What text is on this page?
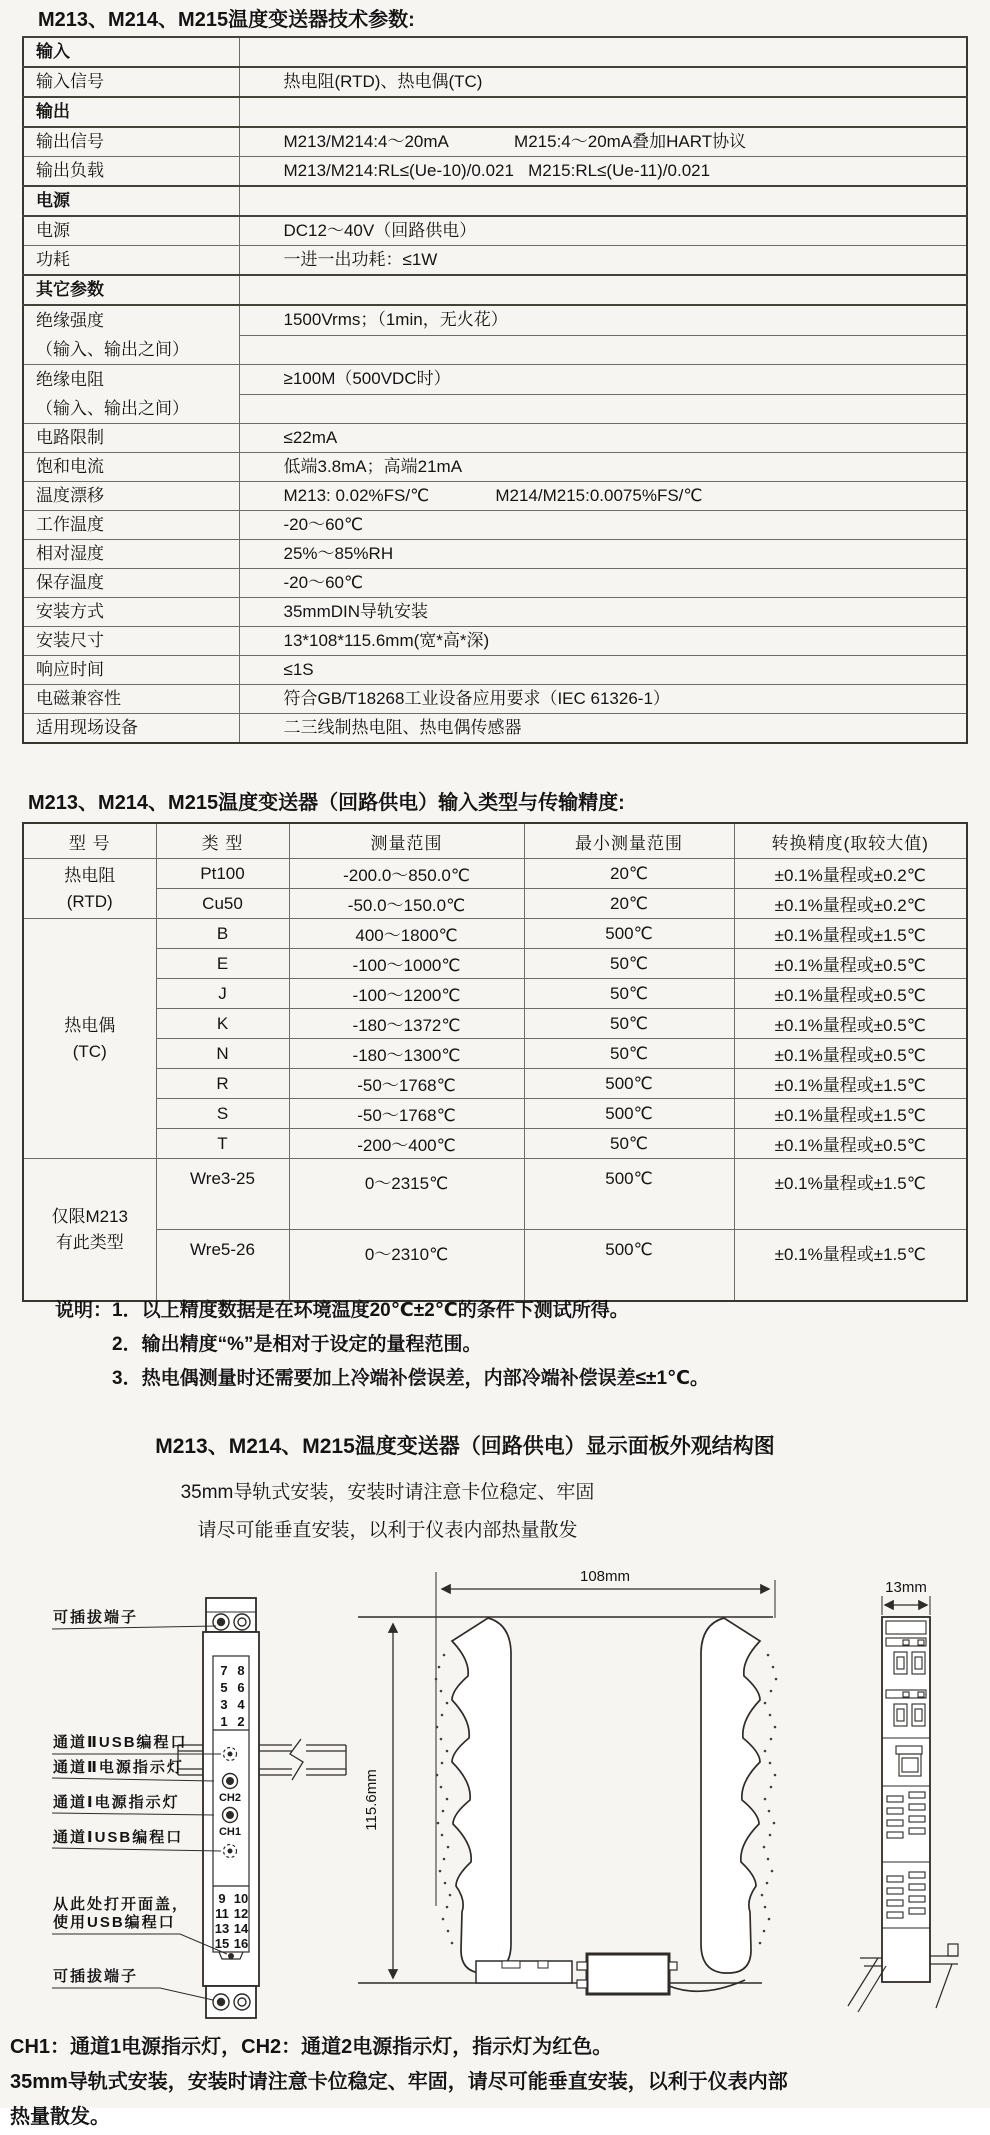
M213、M214、M215温度变送器技术参数:
输入	
输入信号	热电阻(RTD)、热电偶(TC)
输出	
输出信号	M213/M214:4～20mA              M215:4～20mA叠加HART协议
输出负载	M213/M214:RL≤(Ue-10)/0.021   M215:RL≤(Ue-11)/0.021
电源	
电源	DC12～40V（回路供电）
功耗	一进一出功耗：≤1W
其它参数	

绝缘强度
（输入、输出之间）	1500Vrms；（1min，无火花）

绝缘电阻
（输入、输出之间）	≥100M（500VDC时）

电路限制	≤22mA
饱和电流	低端3.8mA；高端21mA
温度漂移	M213: 0.02%FS/℃              M214/M215:0.0075%FS/℃
工作温度	-20～60℃
相对湿度	25%～85%RH
保存温度	-20～60℃
安装方式	35mmDIN导轨安装
安装尺寸	13*108*115.6mm(宽*高*深)
响应时间	≤1S
电磁兼容性	符合GB/T18268工业设备应用要求（IEC 61326-1）
适用现场设备	二三线制热电阻、热电偶传感器
M213、M214、M215温度变送器（回路供电）输入类型与传输精度:
型 号	类 型	测量范围	最小测量范围	转换精度(取较大值)

热电阻
(RTD)	Pt100	-200.0～850.0℃	20℃	±0.1%量程或±0.2℃
	Cu50	-50.0～150.0℃	20℃	±0.1%量程或±0.2℃

热电偶
(TC)	B	400～1800℃	500℃	±0.1%量程或±1.5℃
	E	-100～1000℃	50℃	±0.1%量程或±0.5℃
	J	-100～1200℃	50℃	±0.1%量程或±0.5℃
	K	-180～1372℃	50℃	±0.1%量程或±0.5℃
	N	-180～1300℃	50℃	±0.1%量程或±0.5℃
	R	-50～1768℃	500℃	±0.1%量程或±1.5℃
	S	-50～1768℃	500℃	±0.1%量程或±1.5℃
	T	-200～400℃	50℃	±0.1%量程或±0.5℃

仅限M213
有此类型	Wre3-25	0～2315℃	500℃	±0.1%量程或±1.5℃
	Wre5-26	0～2310℃	500℃	±0.1%量程或±1.5℃
说明： 1．以上精度数据是在环境温度20℃±2℃的条件下测试所得。
2．输出精度“%”是相对于设定的量程范围。
3．热电偶测量时还需要加上冷端补偿误差，内部冷端补偿误差≤±1℃。
M213、M214、M215温度变送器（回路供电）显示面板外观结构图
35mm导轨式安装，安装时请注意卡位稳定、牢固
请尽可能垂直安装，以利于仪表内部热量散发
CH2
CH1
7 8
5 6
3 4
1 2
9 10
11 12
13 14
15 16
可插拔端子
通道ⅡUSB编程口
通道Ⅱ电源指示灯
通道Ⅰ电源指示灯
通道ⅠUSB编程口
从此处打开面盖，
使用USB编程口
可插拔端子
108mm
115.6mm
13mm
CH1：通道1电源指示灯，CH2：通道2电源指示灯，指示灯为红色。
35mm导轨式安装，安装时请注意卡位稳定、牢固，请尽可能垂直安装，以利于仪表内部
热量散发。
